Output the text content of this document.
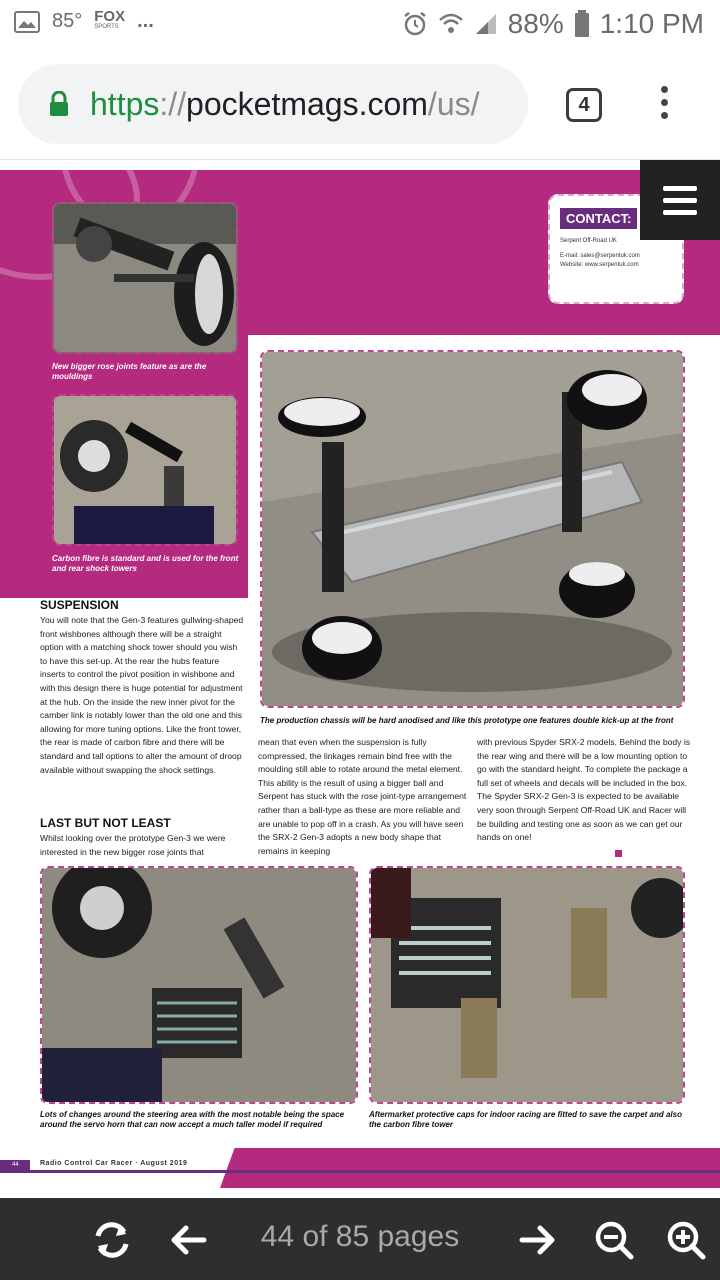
85° FOX
SPORTS ...	88% 1:10 PM
https :// pocketmags.com /us/	4
New bigger rose joints feature as are the mouldings
Carbon fibre is standard and is used for the front and rear shock towers
CONTACT:

Serpent Off-Road UK

E-mail: sales@serpentuk.com

Website: www.serpentuk.com

The production chassis will be hard anodised and like this prototype one features double kick-up at the front
SUSPENSION
You will note that the Gen-3 features gullwing-shaped front wishbones although there will be a straight option with a matching shock tower should you wish to have this set-up. At the rear the hubs feature inserts to control the pivot position in wishbone and with this design there is huge potential for adjustment at the hub. On the inside the new inner pivot for the camber link is notably lower than the old one and this allowing for more tuning options. Like the front tower, the rear is made of carbon fibre and there will be standard and tall options to alter the amount of droop available without swapping the shock settings.
LAST BUT NOT LEAST
Whilst looking over the prototype Gen-3 we were interested in the new bigger rose joints that
mean that even when the suspension is fully compressed, the linkages remain bind free with the moulding still able to rotate around the metal element. This ability is the result of using a bigger ball and Serpent has stuck with the rose joint-type arrangement rather than a ball-type as these are more reliable and are unable to pop off in a crash. As you will have seen the SRX-2 Gen-3 adopts a new body shape that remains in keeping
with previous Spyder SRX-2 models. Behind the body is the rear wing and there will be a low mounting option to go with the standard height. To complete the package a full set of wheels and decals will be included in the box. The Spyder SRX-2 Gen-3 is expected to be available very soon through Serpent Off-Road UK and Racer will be building and testing one as soon as we can get our hands on one!
Lots of changes around the steering area with the most notable being the space around the servo horn that can now accept a much taller model if required
Aftermarket protective caps for indoor racing are fitted to save the carpet and also the carbon fibre tower
44	Radio Control Car Racer · August 2019
44 of 85 pages
